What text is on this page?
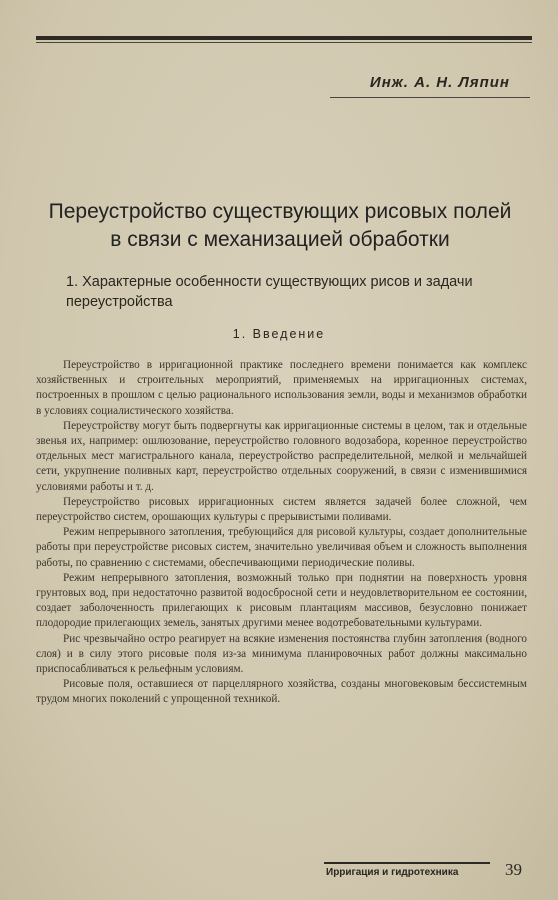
Инж. А. Н. Ляпин
Переустройство существующих рисовых полей
в связи с механизацией обработки
1. Характерные особенности существующих рисов и задачи переустройства
1. Введение

Переустройство в ирригационной практике последнего времени понимается как комплекс хозяйственных и строительных мероприятий, применяемых на ирригационных системах, построенных в прошлом с целью рационального использования земли, воды и механизмов обработки в условиях социалистического хозяйства.

Переустройству могут быть подвергнуты как ирригационные системы в целом, так и отдельные звенья их, например: ошлюзование, переустройство головного водозабора, коренное переустройство отдельных мест магистрального канала, переустройство распределительной, мелкой и мельчайшей сети, укрупнение поливных карт, переустройство отдельных сооружений, в связи с изменившимися условиями работы и т. д.

Переустройство рисовых ирригационных систем является задачей более сложной, чем переустройство систем, орошающих культуры с прерывистыми поливами.

Режим непрерывного затопления, требующийся для рисовой культуры, создает дополнительные работы при переустройстве рисовых систем, значительно увеличивая объем и сложность выполнения работы, по сравнению с системами, обеспечивающими периодические поливы.

Режим непрерывного затопления, возможный только при поднятии на поверхность уровня грунтовых вод, при недостаточно развитой водосбросной сети и неудовлетворительном ее состоянии, создает заболоченность прилегающих к рисовым плантациям массивов, безусловно понижает плодородие прилегающих земель, занятых другими менее водотребовательными культурами.

Рис чрезвычайно остро реагирует на всякие изменения постоянства глубин затопления (водного слоя) и в силу этого рисовые поля из-за минимума планировочных работ должны максимально приспосабливаться к рельефным условиям.

Рисовые поля, оставшиеся от парцеллярного хозяйства, созданы многовековым бессистемным трудом многих поколений с упрощенной техникой.

Ирригация и гидротехника	39
